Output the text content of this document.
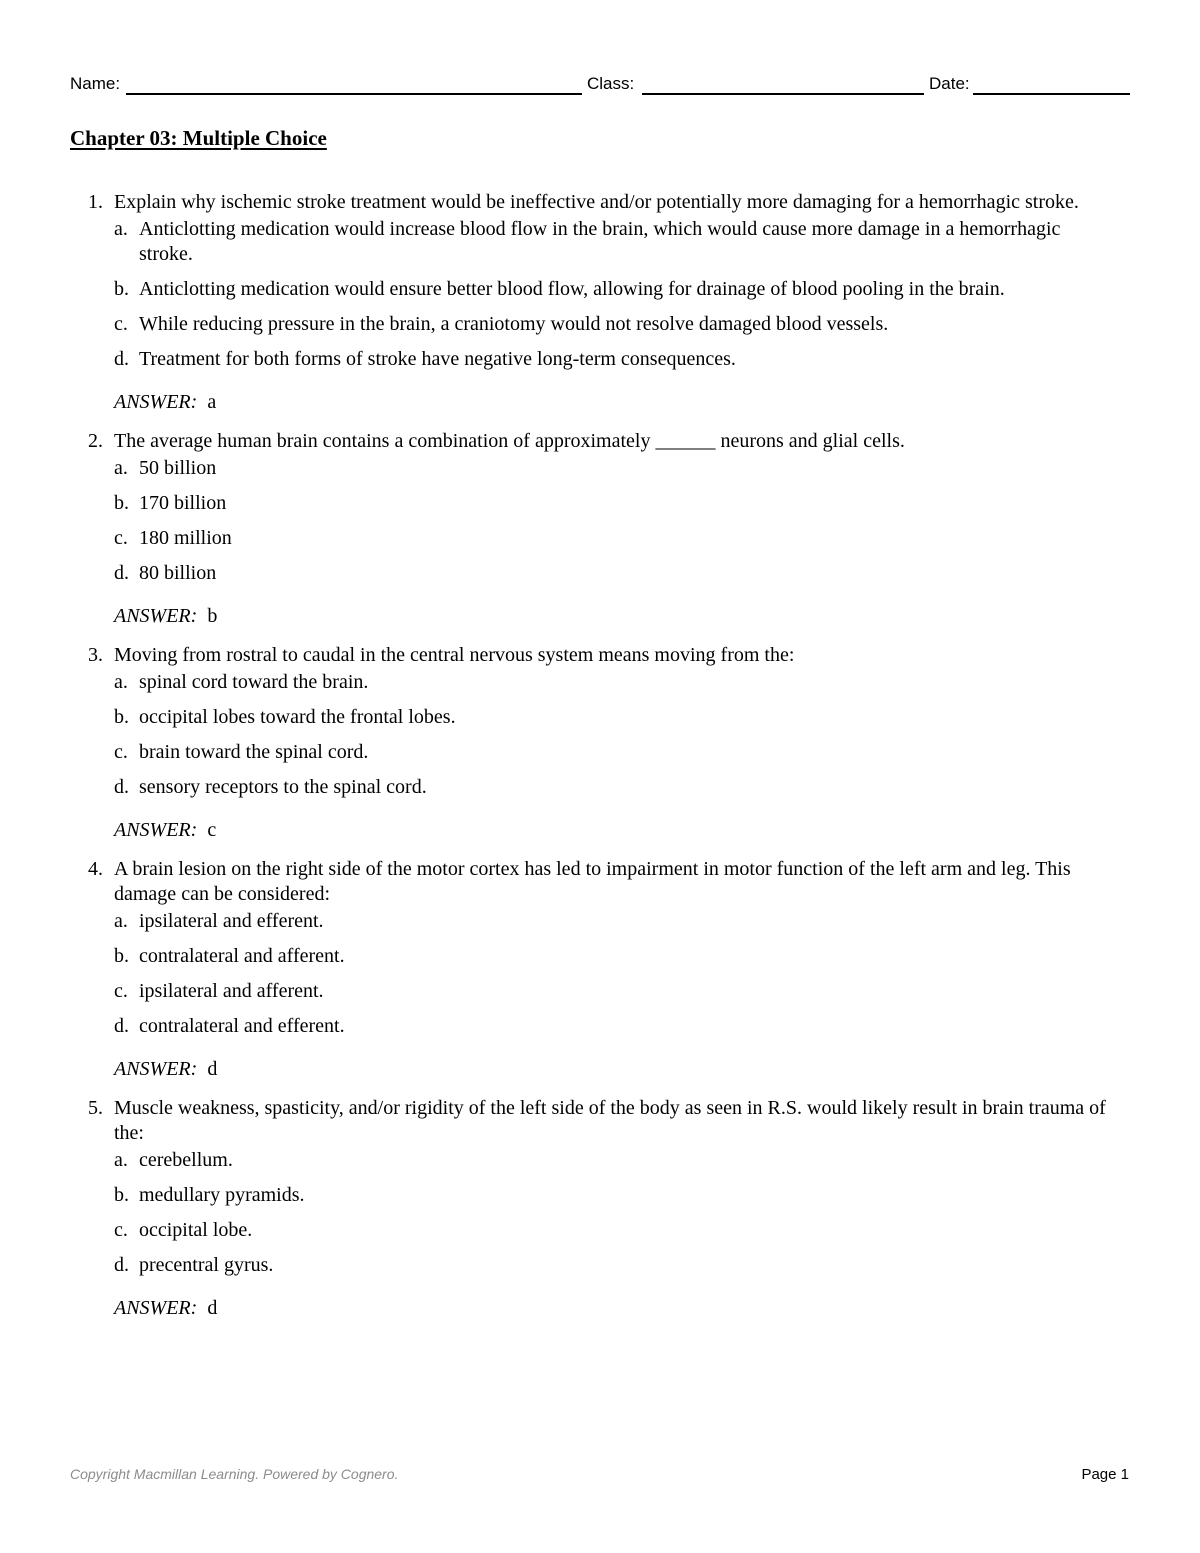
Name:	Class:	Date:
Chapter 03: Multiple Choice
1. Explain why ischemic stroke treatment would be ineffective and/or potentially more damaging for a hemorrhagic stroke.
a. Anticlotting medication would increase blood flow in the brain, which would cause more damage in a hemorrhagic stroke.
b. Anticlotting medication would ensure better blood flow, allowing for drainage of blood pooling in the brain.
c. While reducing pressure in the brain, a craniotomy would not resolve damaged blood vessels.
d. Treatment for both forms of stroke have negative long-term consequences.
ANSWER: a
2. The average human brain contains a combination of approximately ______ neurons and glial cells.
a. 50 billion
b. 170 billion
c. 180 million
d. 80 billion
ANSWER: b
3. Moving from rostral to caudal in the central nervous system means moving from the:
a. spinal cord toward the brain.
b. occipital lobes toward the frontal lobes.
c. brain toward the spinal cord.
d. sensory receptors to the spinal cord.
ANSWER: c
4. A brain lesion on the right side of the motor cortex has led to impairment in motor function of the left arm and leg. This damage can be considered:
a. ipsilateral and efferent.
b. contralateral and afferent.
c. ipsilateral and afferent.
d. contralateral and efferent.
ANSWER: d
5. Muscle weakness, spasticity, and/or rigidity of the left side of the body as seen in R.S. would likely result in brain trauma of the:
a. cerebellum.
b. medullary pyramids.
c. occipital lobe.
d. precentral gyrus.
ANSWER: d
Copyright Macmillan Learning. Powered by Cognero.	Page 1
